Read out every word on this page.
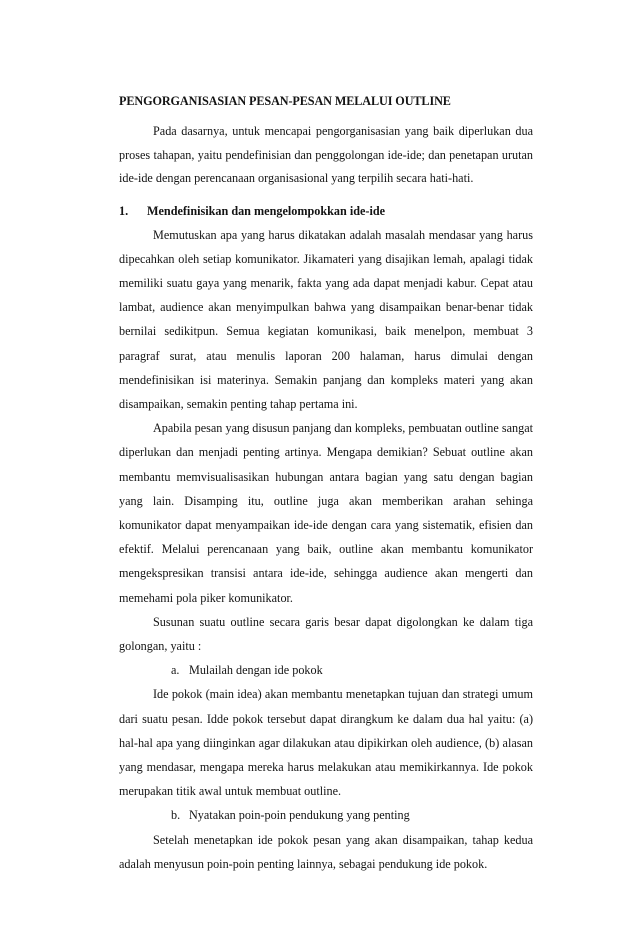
PENGORGANISASIAN PESAN-PESAN MELALUI OUTLINE

Pada dasarnya, untuk mencapai pengorganisasian yang baik diperlukan dua proses tahapan, yaitu pendefinisian dan penggolongan ide-ide; dan penetapan urutan ide-ide dengan perencanaan organisasional yang terpilih secara hati-hati.

1.	Mendefinisikan dan mengelompokkan ide-ide

Memutuskan apa yang harus dikatakan adalah masalah mendasar yang harus dipecahkan oleh setiap komunikator. Jikamateri yang disajikan lemah, apalagi tidak memiliki suatu gaya yang menarik, fakta yang ada dapat menjadi kabur. Cepat atau lambat, audience akan menyimpulkan bahwa yang disampaikan benar-benar tidak bernilai sedikitpun. Semua kegiatan komunikasi, baik menelpon, membuat 3 paragraf surat, atau menulis laporan 200 halaman, harus dimulai dengan mendefinisikan isi materinya. Semakin panjang dan kompleks materi yang akan disampaikan, semakin penting tahap pertama ini.

Apabila pesan yang disusun panjang dan kompleks, pembuatan outline sangat diperlukan dan menjadi penting artinya. Mengapa demikian? Sebuat outline akan membantu memvisualisasikan hubungan antara bagian yang satu dengan bagian yang lain. Disamping itu, outline juga akan memberikan arahan sehinga komunikator dapat menyampaikan ide-ide dengan cara yang sistematik, efisien dan efektif. Melalui perencanaan yang baik, outline akan membantu komunikator mengekspresikan transisi antara ide-ide, sehingga audience akan mengerti dan memehami pola piker komunikator.

Susunan suatu outline secara garis besar dapat digolongkan ke dalam tiga golongan, yaitu :

a. Mulailah dengan ide pokok

Ide pokok (main idea) akan membantu menetapkan tujuan dan strategi umum dari suatu pesan. Idde pokok tersebut dapat dirangkum ke dalam dua hal yaitu: (a) hal-hal apa yang diinginkan agar dilakukan atau dipikirkan oleh audience, (b) alasan yang mendasar, mengapa mereka harus melakukan atau memikirkannya. Ide pokok merupakan titik awal untuk membuat outline.

b. Nyatakan poin-poin pendukung yang penting

Setelah menetapkan ide pokok pesan yang akan disampaikan, tahap kedua adalah menyusun poin-poin penting lainnya, sebagai pendukung ide pokok.
